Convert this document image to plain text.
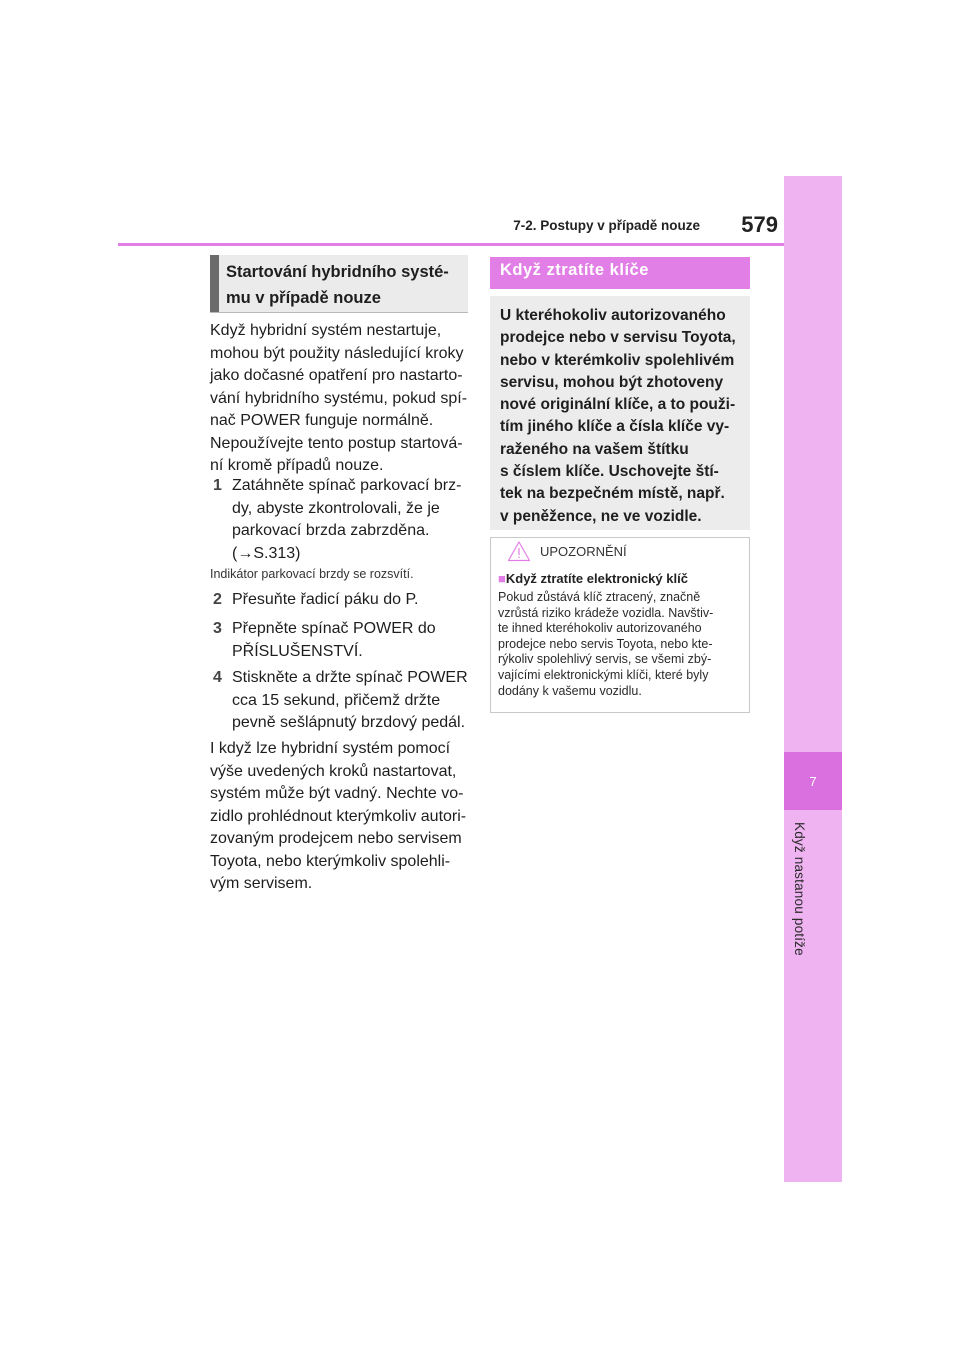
7
Když nastanou potíže
7-2. Postupy v případě nouze	579
Startování hybridního systé-
mu v případě nouze
Když hybridní systém nestartuje,
mohou být použity následující kroky
jako dočasné opatření pro nastarto-
vání hybridního systému, pokud spí-
nač POWER funguje normálně.
Nepoužívejte tento postup startová-
ní kromě případů nouze.
1 Zatáhněte spínač parkovací brz-
dy, abyste zkontrolovali, že je
parkovací brzda zabrzděna.
(→S.313)
Indikátor parkovací brzdy se rozsvítí.
2 Přesuňte řadicí páku do P.
3 Přepněte spínač POWER do
PŘÍSLUŠENSTVÍ.
4 Stiskněte a držte spínač POWER
cca 15 sekund, přičemž držte
pevně sešlápnutý brzdový pedál.
I když lze hybridní systém pomocí
výše uvedených kroků nastartovat,
systém může být vadný. Nechte vo-
zidlo prohlédnout kterýmkoliv autori-
zovaným prodejcem nebo servisem
Toyota, nebo kterýmkoliv spolehli-
vým servisem.
Když ztratíte klíče
U kteréhokoliv autorizovaného
prodejce nebo v servisu Toyota,
nebo v kterémkoliv spolehlivém
servisu, mohou být zhotoveny
nové originální klíče, a to použi-
tím jiného klíče a čísla klíče vy-
raženého na vašem štítku
s číslem klíče. Uschovejte ští-
tek na bezpečném místě, např.
v peněžence, ne ve vozidle.
UPOZORNĚNÍ
■Když ztratíte elektronický klíč
Pokud zůstává klíč ztracený, značně
vzrůstá riziko krádeže vozidla. Navštiv-
te ihned kteréhokoliv autorizovaného
prodejce nebo servis Toyota, nebo kte-
rýkoliv spolehlivý servis, se všemi zbý-
vajícími elektronickými klíči, které byly
dodány k vašemu vozidlu.
